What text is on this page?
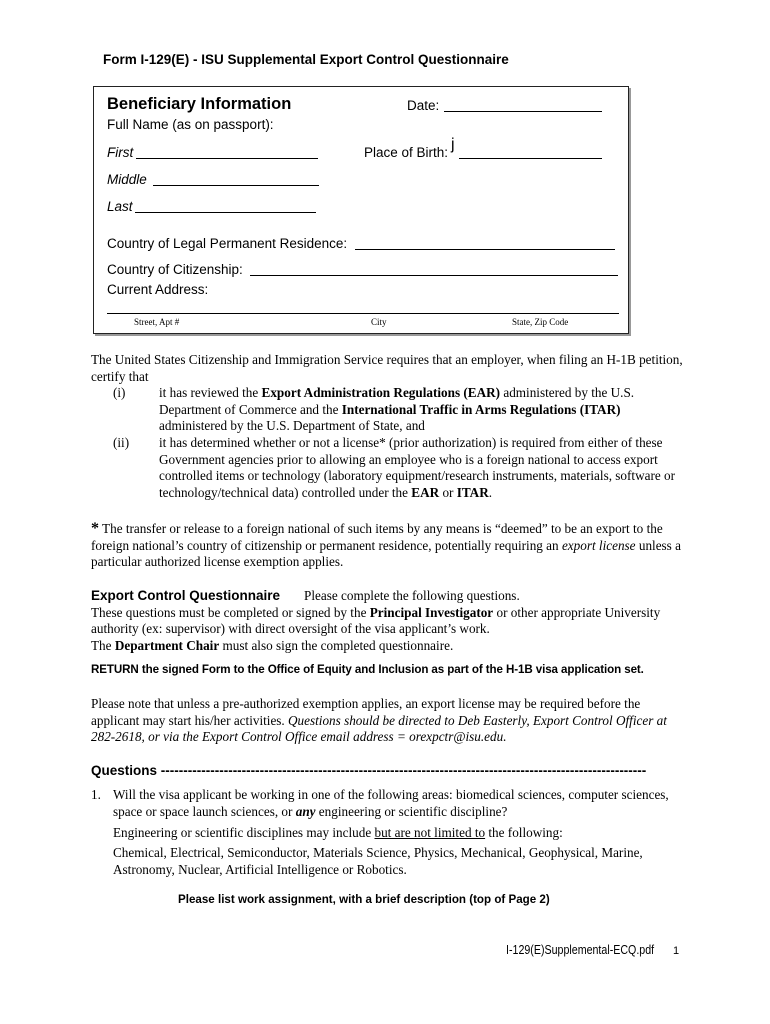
Form I-129(E) - ISU Supplemental Export Control Questionnaire
Beneficiary Information	Date:
Full Name (as on passport):
First	Place of Birth: j
Middle
Last
Country of Legal Permanent Residence:
Country of Citizenship:
Current Address:
Street, Apt #	City	State, Zip Code

The United States Citizenship and Immigration Service requires that an employer, when filing an H-1B petition, certify that

(i)	it has reviewed the Export Administration Regulations (EAR) administered by the U.S. Department of Commerce and the International Traffic in Arms Regulations (ITAR) administered by the U.S. Department of State, and

(ii) it has determined whether or not a license* (prior authorization) is required from either of these Government agencies prior to allowing an employee who is a foreign national to access export controlled items or technology (laboratory equipment/research instruments, materials, software or technology/technical data) controlled under the EAR or ITAR.

* The transfer or release to a foreign national of such items by any means is “deemed” to be an export to the foreign national’s country of citizenship or permanent residence, potentially requiring an export license unless a particular authorized license exemption applies.

Export Control Questionnaire Please complete the following questions.
These questions must be completed or signed by the Principal Investigator or other appropriate University authority (ex: supervisor) with direct oversight of the visa applicant’s work.
The Department Chair must also sign the completed questionnaire.

RETURN the signed Form to the Office of Equity and Inclusion as part of the H-1B visa application set.

Please note that unless a pre-authorized exemption applies, an export license may be required before the applicant may start his/her activities. Questions should be directed to Deb Easterly, Export Control Officer at 282-2618, or via the Export Control Office email address = orexpctr@isu.edu.

Questions ------------------------------------------------------------------------------------------------------------
1. Will the visa applicant be working in one of the following areas: biomedical sciences, computer sciences, space or space launch sciences, or any engineering or scientific discipline?

Engineering or scientific disciplines may include but are not limited to the following:

Chemical, Electrical, Semiconductor, Materials Science, Physics, Mechanical, Geophysical, Marine, Astronomy, Nuclear, Artificial Intelligence or Robotics.

Please list work assignment, with a brief description (top of Page 2)
I-129(E)Supplemental-ECQ.pdf 1
